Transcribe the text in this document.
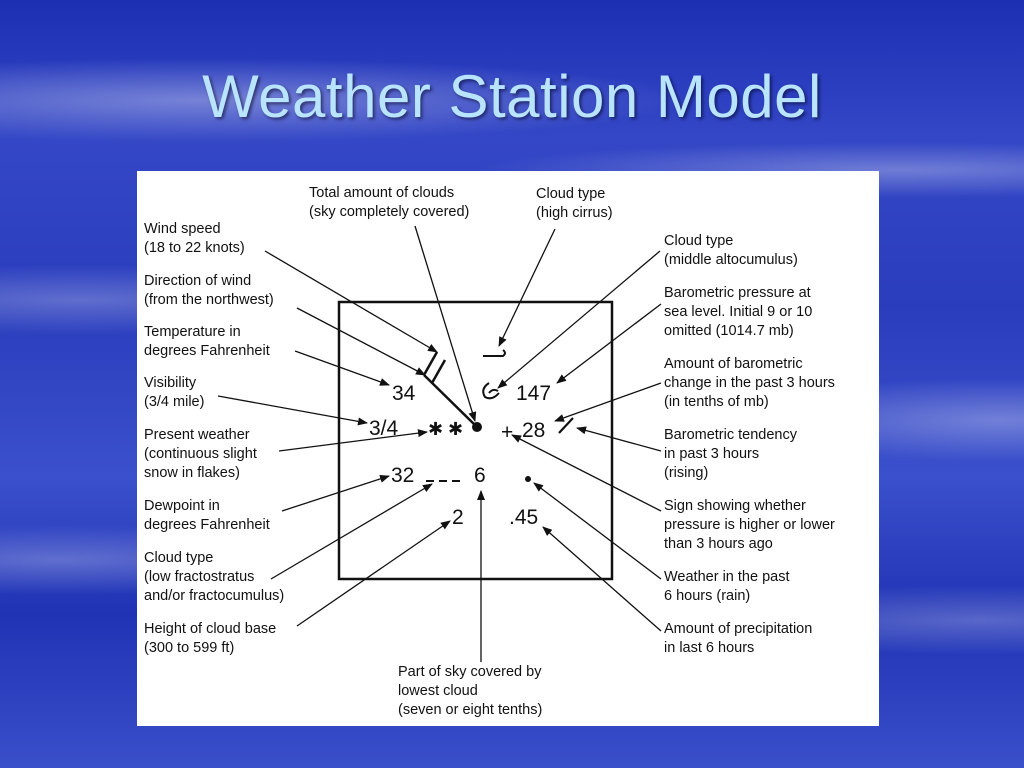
Weather Station Model
✱ ✱
34	147
3/4	+ 28
32	6
2 .45
Total amount of clouds (sky completely covered)
Cloud type (high cirrus)
Wind speed (18 to 22 knots)
Direction of wind (from the northwest)
Temperature in degrees Fahrenheit
Visibility (3/4 mile)
Present weather (continuous slight snow in flakes)
Dewpoint in degrees Fahrenheit
Cloud type (low fractostratus and/or fractocumulus)
Height of cloud base (300 to 599 ft)
Cloud type (middle altocumulus)
Barometric pressure at sea level. Initial 9 or 10 omitted (1014.7 mb)
Amount of barometric change in the past 3 hours (in tenths of mb)
Barometric tendency in past 3 hours (rising)
Sign showing whether pressure is higher or lower than 3 hours ago
Weather in the past 6 hours (rain)
Amount of precipitation in last 6 hours
Part of sky covered by lowest cloud (seven or eight tenths)
